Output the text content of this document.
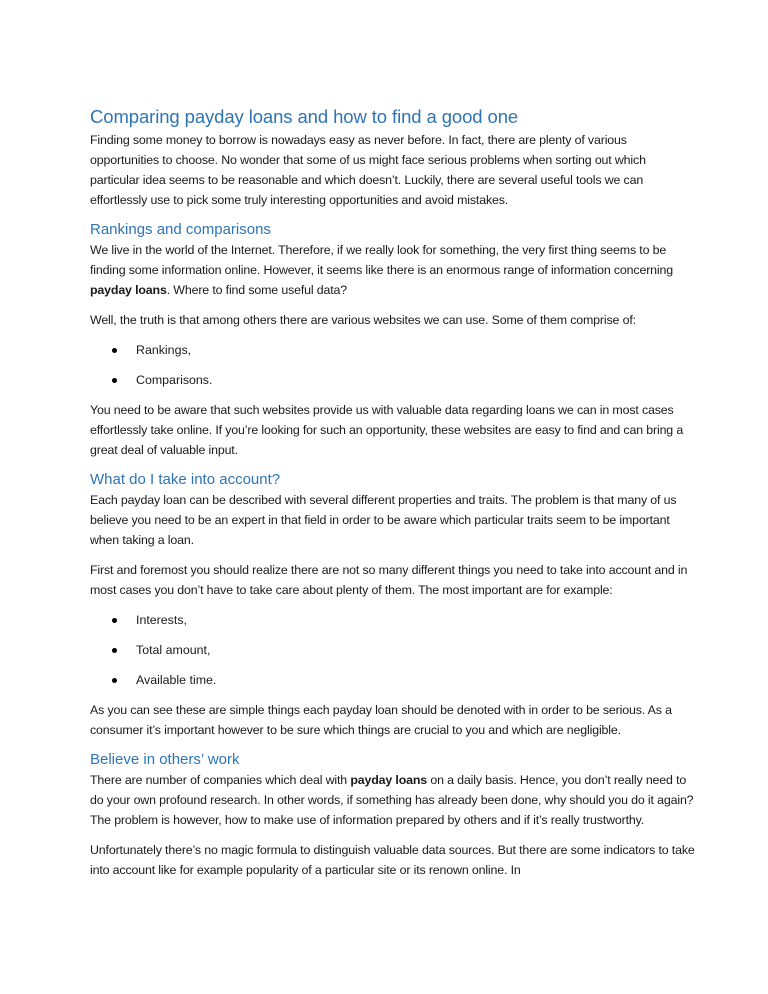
Comparing payday loans and how to find a good one

Finding some money to borrow is nowadays easy as never before. In fact, there are plenty of various opportunities to choose. No wonder that some of us might face serious problems when sorting out which particular idea seems to be reasonable and which doesn’t. Luckily, there are several useful tools we can effortlessly use to pick some truly interesting opportunities and avoid mistakes.

Rankings and comparisons

We live in the world of the Internet. Therefore, if we really look for something, the very first thing seems to be finding some information online. However, it seems like there is an enormous range of information concerning payday loans. Where to find some useful data?

Well, the truth is that among others there are various websites we can use. Some of them comprise of:

Rankings,
Comparisons.

You need to be aware that such websites provide us with valuable data regarding loans we can in most cases effortlessly take online. If you’re looking for such an opportunity, these websites are easy to find and can bring a great deal of valuable input.

What do I take into account?

Each payday loan can be described with several different properties and traits. The problem is that many of us believe you need to be an expert in that field in order to be aware which particular traits seem to be important when taking a loan.

First and foremost you should realize there are not so many different things you need to take into account and in most cases you don’t have to take care about plenty of them. The most important are for example:

Interests,
Total amount,
Available time.

As you can see these are simple things each payday loan should be denoted with in order to be serious. As a consumer it’s important however to be sure which things are crucial to you and which are negligible.

Believe in others’ work

There are number of companies which deal with payday loans on a daily basis. Hence, you don’t really need to do your own profound research. In other words, if something has already been done, why should you do it again? The problem is however, how to make use of information prepared by others and if it’s really trustworthy.

Unfortunately there’s no magic formula to distinguish valuable data sources. But there are some indicators to take into account like for example popularity of a particular site or its renown online. In
